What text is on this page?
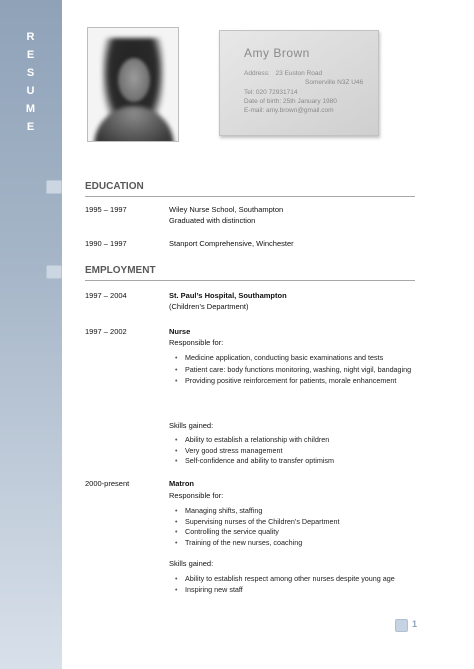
R
E
S
U
M
E
Amy Brown
Address: 23 Euston Road
Somerville N3Z U46
Tel: 020 72931714
Date of birth: 25th January 1980
E-mail: amy.brown@gmail.com
EDUCATION
1995 – 1997	Wiley Nurse School, Southampton
Graduated with distinction
1990 – 1997	Stanport Comprehensive, Winchester
EMPLOYMENT
1997 – 2004	St. Paul’s Hospital, Southampton
(Children’s Department)
1997 – 2002	Nurse
Responsible for:
• Medicine application, conducting basic examinations and tests
• Patient care: body functions monitoring, washing, night vigil, bandaging
• Providing positive reinforcement for patients, morale enhancement
Skills gained:
• Ability to establish a relationship with children
• Very good stress management
• Self-confidence and ability to transfer optimism
2000-present	Matron
Responsible for:
• Managing shifts, staffing
• Supervising nurses of the Children’s Department
• Controlling the service quality
• Training of the new nurses, coaching
Skills gained:
• Ability to establish respect among other nurses despite young age
• Inspiring new staff
1
